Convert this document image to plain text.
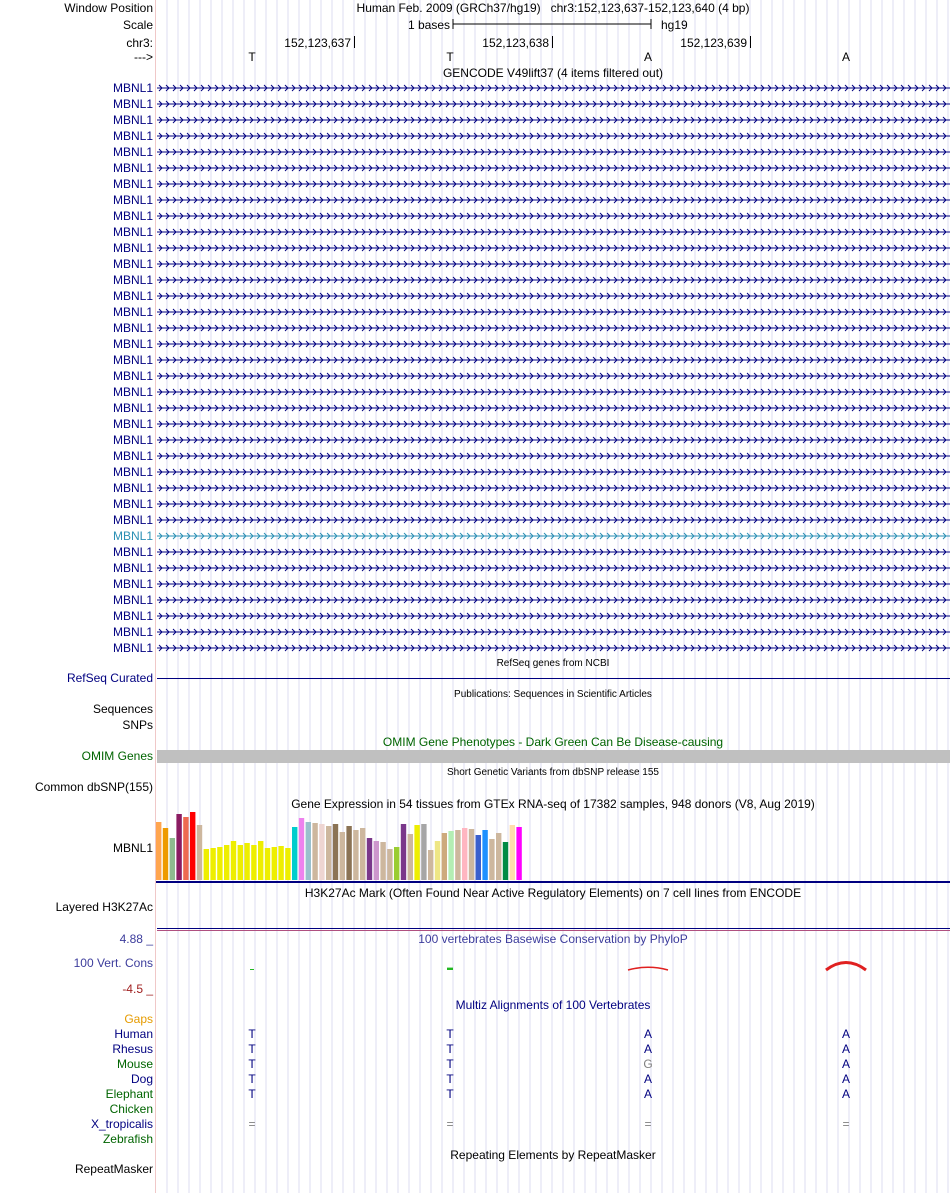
Window Position	Human Feb. 2009 (GRCh37/hg19)   chr3:152,123,637-152,123,640 (4 bp)
Scale	1 bases	hg19
chr3:	152,123,637	152,123,638	152,123,639
--->	T	T	A	A
GENCODE V49lift37 (4 items filtered out)
MBNL1
MBNL1
MBNL1
MBNL1
MBNL1
MBNL1
MBNL1
MBNL1
MBNL1
MBNL1
MBNL1
MBNL1
MBNL1
MBNL1
MBNL1
MBNL1
MBNL1
MBNL1
MBNL1
MBNL1
MBNL1
MBNL1
MBNL1
MBNL1
MBNL1
MBNL1
MBNL1
MBNL1
MBNL1
MBNL1
MBNL1
MBNL1
MBNL1
MBNL1
MBNL1
MBNL1
RefSeq genes from NCBI
RefSeq Curated
Publications: Sequences in Scientific Articles
Sequences
SNPs
OMIM Gene Phenotypes - Dark Green Can Be Disease-causing
OMIM Genes
Short Genetic Variants from dbSNP release 155
Common dbSNP(155)
Gene Expression in 54 tissues from GTEx RNA-seq of 17382 samples, 948 donors (V8, Aug 2019)
MBNL1
H3K27Ac Mark (Often Found Near Active Regulatory Elements) on 7 cell lines from ENCODE
Layered H3K27Ac
100 vertebrates Basewise Conservation by PhyloP
4.88 _
100 Vert. Cons
-4.5 _
Multiz Alignments of 100 Vertebrates
Gaps
Human	T	T	A	A
Rhesus	T	T	A	A
Mouse	T	T	G	A
Dog	T	T	A	A
Elephant	T	T	A	A
Chicken
X_tropicalis	=	=	=	=
Zebrafish
Repeating Elements by RepeatMasker
RepeatMasker
